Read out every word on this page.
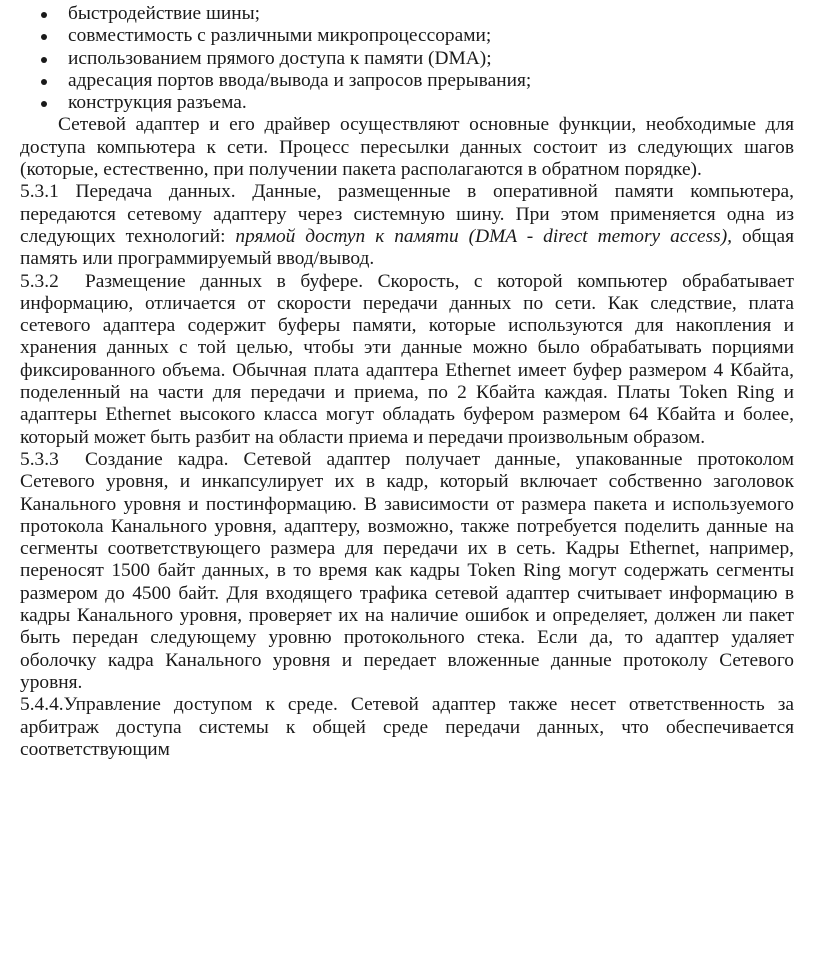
быстродействие шины;
совместимость с различными микропроцессорами;
использованием прямого доступа к памяти (DMA);
адресация портов ввода/вывода и запросов прерывания;
конструкция разъема.

Сетевой адаптер и его драйвер осуществляют основные функции, необходимые для доступа компьютера к сети. Процесс пересылки данных состоит из следующих шагов (которые, естественно, при получении пакета располагаются в обратном порядке).

5.3.1 Передача данных. Данные, размещенные в оперативной памяти компьютера, передаются сетевому адаптеру через системную шину. При этом применяется одна из следующих технологий: прямой доступ к памяти (DMA - direct memory access), общая память или программируемый ввод/вывод.

5.3.2 Размещение данных в буфере. Скорость, с которой компьютер обрабатывает информацию, отличается от скорости передачи данных по сети. Как следствие, плата сетевого адаптера содержит буферы памяти, которые используются для накопления и хранения данных с той целью, чтобы эти данные можно было обрабатывать порциями фиксированного объема. Обычная плата адаптера Ethernet имеет буфер размером 4 Кбайта, поделенный на части для передачи и приема, по 2 Кбайта каждая. Платы Token Ring и адаптеры Ethernet высокого класса могут обладать буфером размером 64 Кбайта и более, который может быть разбит на области приема и передачи произвольным образом.

5.3.3 Создание кадра. Сетевой адаптер получает данные, упакованные протоколом Сетевого уровня, и инкапсулирует их в кадр, который включает собственно заголовок Канального уровня и постинформацию. В зависимости от размера пакета и используемого протокола Канального уровня, адаптеру, возможно, также потребуется поделить данные на сегменты соответствующего размера для передачи их в сеть. Кадры Ethernet, например, переносят 1500 байт данных, в то время как кадры Token Ring могут содержать сегменты размером до 4500 байт. Для входящего трафика сетевой адаптер считывает информацию в кадры Канального уровня, проверяет их на наличие ошибок и определяет, должен ли пакет быть передан следующему уровню протокольного стека. Если да, то адаптер удаляет оболочку кадра Канального уровня и передает вложенные данные протоколу Сетевого уровня.

5.4.4.Управление доступом к среде. Сетевой адаптер также несет ответственность за арбитраж доступа системы к общей среде передачи данных, что обеспечивается соответствующим
